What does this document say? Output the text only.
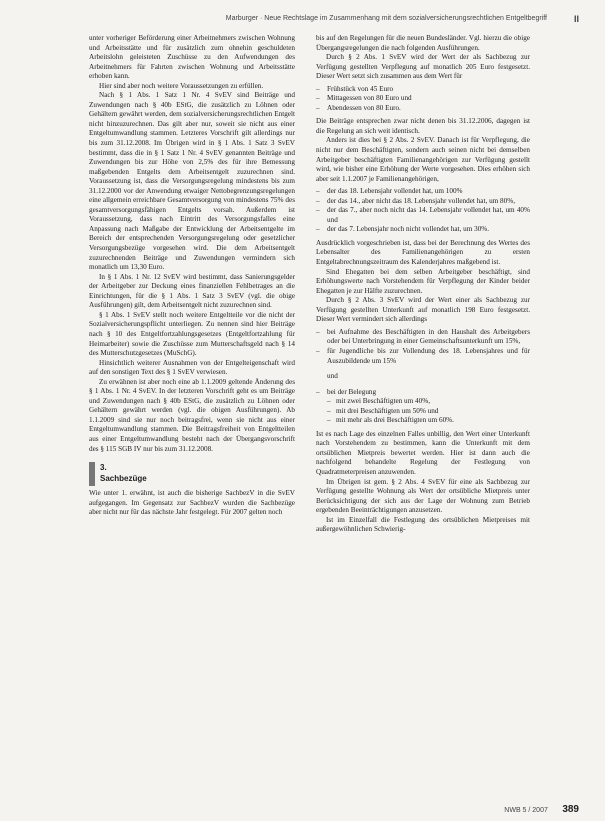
Marburger · Neue Rechtslage im Zusammenhang mit dem sozialversicherungsrechtlichen Entgeltbegriff	II

unter vorheriger Beförderung einer Arbeitnehmers zwischen Wohnung und Arbeitsstätte und für zusätzlich zum ohnehin geschuldeten Arbeitslohn geleisteten Zuschüsse zu den Aufwendungen des Arbeitnehmers für Fahrten zwischen Wohnung und Arbeitsstätte erhoben kann.

Hier sind aber noch weitere Voraussetzungen zu erfüllen.

Nach § 1 Abs. 1 Satz 1 Nr. 4 SvEV sind Beiträge und Zuwendungen nach § 40b EStG, die zusätzlich zu Löhnen oder Gehältern gewährt werden, dem sozialversicherungsrechtlichen Entgelt nicht hinzuzurechnen. Das gilt aber nur, soweit sie nicht aus einer Entgeltumwandlung stammen. Letzteres Vorschrift gilt allerdings nur bis zum 31.12.2008. Im Übrigen wird in § 1 Abs. 1 Satz 3 SvEV bestimmt, dass die in § 1 Satz 1 Nr. 4 SvEV genannten Beiträge und Zuwendungen bis zur Höhe von 2,5% des für ihre Bemessung maßgebenden Entgelts dem Arbeitsentgelt zuzurechnen sind. Voraussetzung ist, dass die Versorgungsregelung mindestens bis zum 31.12.2000 vor der Anwendung etwaiger Nettobegrenzungsregelungen eine allgemein erreichbare Gesamtversorgung von mindestens 75% des gesamtversorgungsfähigen Entgelts vorsah. Außerdem ist Voraussetzung, dass nach Eintritt des Versorgungsfalles eine Anpassung nach Maßgabe der Entwicklung der Arbeitsentgelte im Bereich der entsprechenden Versorgungsregelung oder gesetzlicher Versorgungsbezüge vorgesehen wird. Die dem Arbeitsentgelt zuzurechnenden Beiträge und Zuwendungen vermindern sich monatlich um 13,30 Euro.

In § 1 Abs. 1 Nr. 12 SvEV wird bestimmt, dass Sanierungsgelder der Arbeitgeber zur Deckung eines finanziellen Fehlbetrages an die Einrichtungen, für die § 1 Abs. 1 Satz 3 SvEV (vgl. die obige Ausführungen) gilt, dem Arbeitsentgelt nicht zuzurechnen sind.

§ 1 Abs. 1 SvEV stellt noch weitere Entgeltteile vor die nicht der Sozialversicherungspflicht unterliegen. Zu nennen sind hier Beiträge nach § 10 des Entgeltfortzahlungsgesetzes (Entgeltfortzahlung für Heimarbeiter) sowie die Zuschüsse zum Mutterschaftsgeld nach § 14 des Mutterschutzgesetzes (MuSchG).

Hinsichtlich weiterer Ausnahmen von der Entgelteigenschaft wird auf den sonstigen Text des § 1 SvEV verwiesen.

Zu erwähnen ist aber noch eine ab 1.1.2009 geltende Änderung des § 1 Abs. 1 Nr. 4 SvEV. In der letzteren Vorschrift geht es um Beiträge und Zuwendungen nach § 40b EStG, die zusätzlich zu Löhnen oder Gehältern gewährt werden (vgl. die obigen Ausführungen). Ab 1.1.2009 sind sie nur noch beitragsfrei, wenn sie nicht aus einer Entgeltumwandlung stammen. Die Beitragsfreiheit von Entgeltteilen aus einer Entgeltumwandlung besteht nach der Übergangsvorschrift des § 115 SGB IV nur bis zum 31.12.2008.

3.
Sachbezüge

Wie unter 1. erwähnt, ist auch die bisherige SachbezV in die SvEV aufgegangen. Im Gegensatz zur SachbezV wurden die Sachbezüge aber nicht nur für das nächste Jahr festgelegt. Für 2007 gelten noch

bis auf den Regelungen für die neuen Bundesländer. Vgl. hierzu die obige Übergangsregelungen die nach folgenden Ausführungen.

Durch § 2 Abs. 1 SvEV wird der Wert der als Sachbezug zur Verfügung gestellten Verpflegung auf monatlich 205 Euro festgesetzt. Dieser Wert setzt sich zusammen aus dem Wert für

– Frühstück von 45 Euro
– Mittagessen von 80 Euro und
– Abendessen von 80 Euro.

Die Beiträge entsprechen zwar nicht denen bis 31.12.2006, dagegen ist die Regelung an sich weit identisch.

Anders ist dies bei § 2 Abs. 2 SvEV. Danach ist für Verpflegung, die nicht nur dem Beschäftigten, sondern auch seinen nicht bei demselben Arbeitgeber beschäftigten Familienangehörigen zur Verfügung gestellt wird, wie bisher eine Erhöhung der Werte vorgesehen. Dies erhöhen sich aber seit 1.1.2007 je Familienangehörigen,

– der das 18. Lebensjahr vollendet hat, um 100%
– der das 14., aber nicht das 18. Lebensjahr vollendet hat, um 80%,
– der das 7., aber noch nicht das 14. Lebensjahr vollendet hat, um 40% und
– der das 7. Lebensjahr noch nicht vollendet hat, um 30%.

Ausdrücklich vorgeschrieben ist, dass bei der Berechnung des Wertes des Lebensalter des Familienangehörigen zu ersten Entgeltabrechnungszeitraum des Kalenderjahres maßgebend ist.

Sind Ehegatten bei dem selben Arbeitgeber beschäftigt, sind Erhöhungswerte nach Vorstehendem für Verpflegung der Kinder beider Ehegatten je zur Hälfte zuzurechnen.

Durch § 2 Abs. 3 SvEV wird der Wert einer als Sachbezug zur Verfügung gestellten Unterkunft auf monatlich 198 Euro festgesetzt. Dieser Wert vermindert sich allerdings

– bei Aufnahme des Beschäftigten in den Haushalt des Arbeitgebers oder bei Unterbringung in einer Gemeinschaftsunterkunft um 15%,
– für Jugendliche bis zur Vollendung des 18. Lebensjahres und für Auszubildende um 15%
und
– bei der Belegung
– mit zwei Beschäftigten um 40%,
– mit drei Beschäftigten um 50% und
– mit mehr als drei Beschäftigten um 60%.

Ist es nach Lage des einzelnen Falles unbillig, den Wert einer Unterkunft nach Vorstehendem zu bestimmen, kann die Unterkunft mit dem ortsüblichen Mietpreis bewertet werden. Hier ist dann auch die nachfolgend behandelte Regelung der Festlegung von Quadratmeterpreisen anzuwenden.

Im Übrigen ist gem. § 2 Abs. 4 SvEV für eine als Sachbezug zur Verfügung gestellte Wohnung als Wert der ortsübliche Mietpreis unter Berücksichtigung der sich aus der Lage der Wohnung zum Betrieb ergebenden Beeinträchtigungen anzusetzen.

Ist im Einzelfall die Festlegung des ortsüblichen Mietpreises mit außergewöhnlichen Schwierig-

NWB 5 / 2007 389
